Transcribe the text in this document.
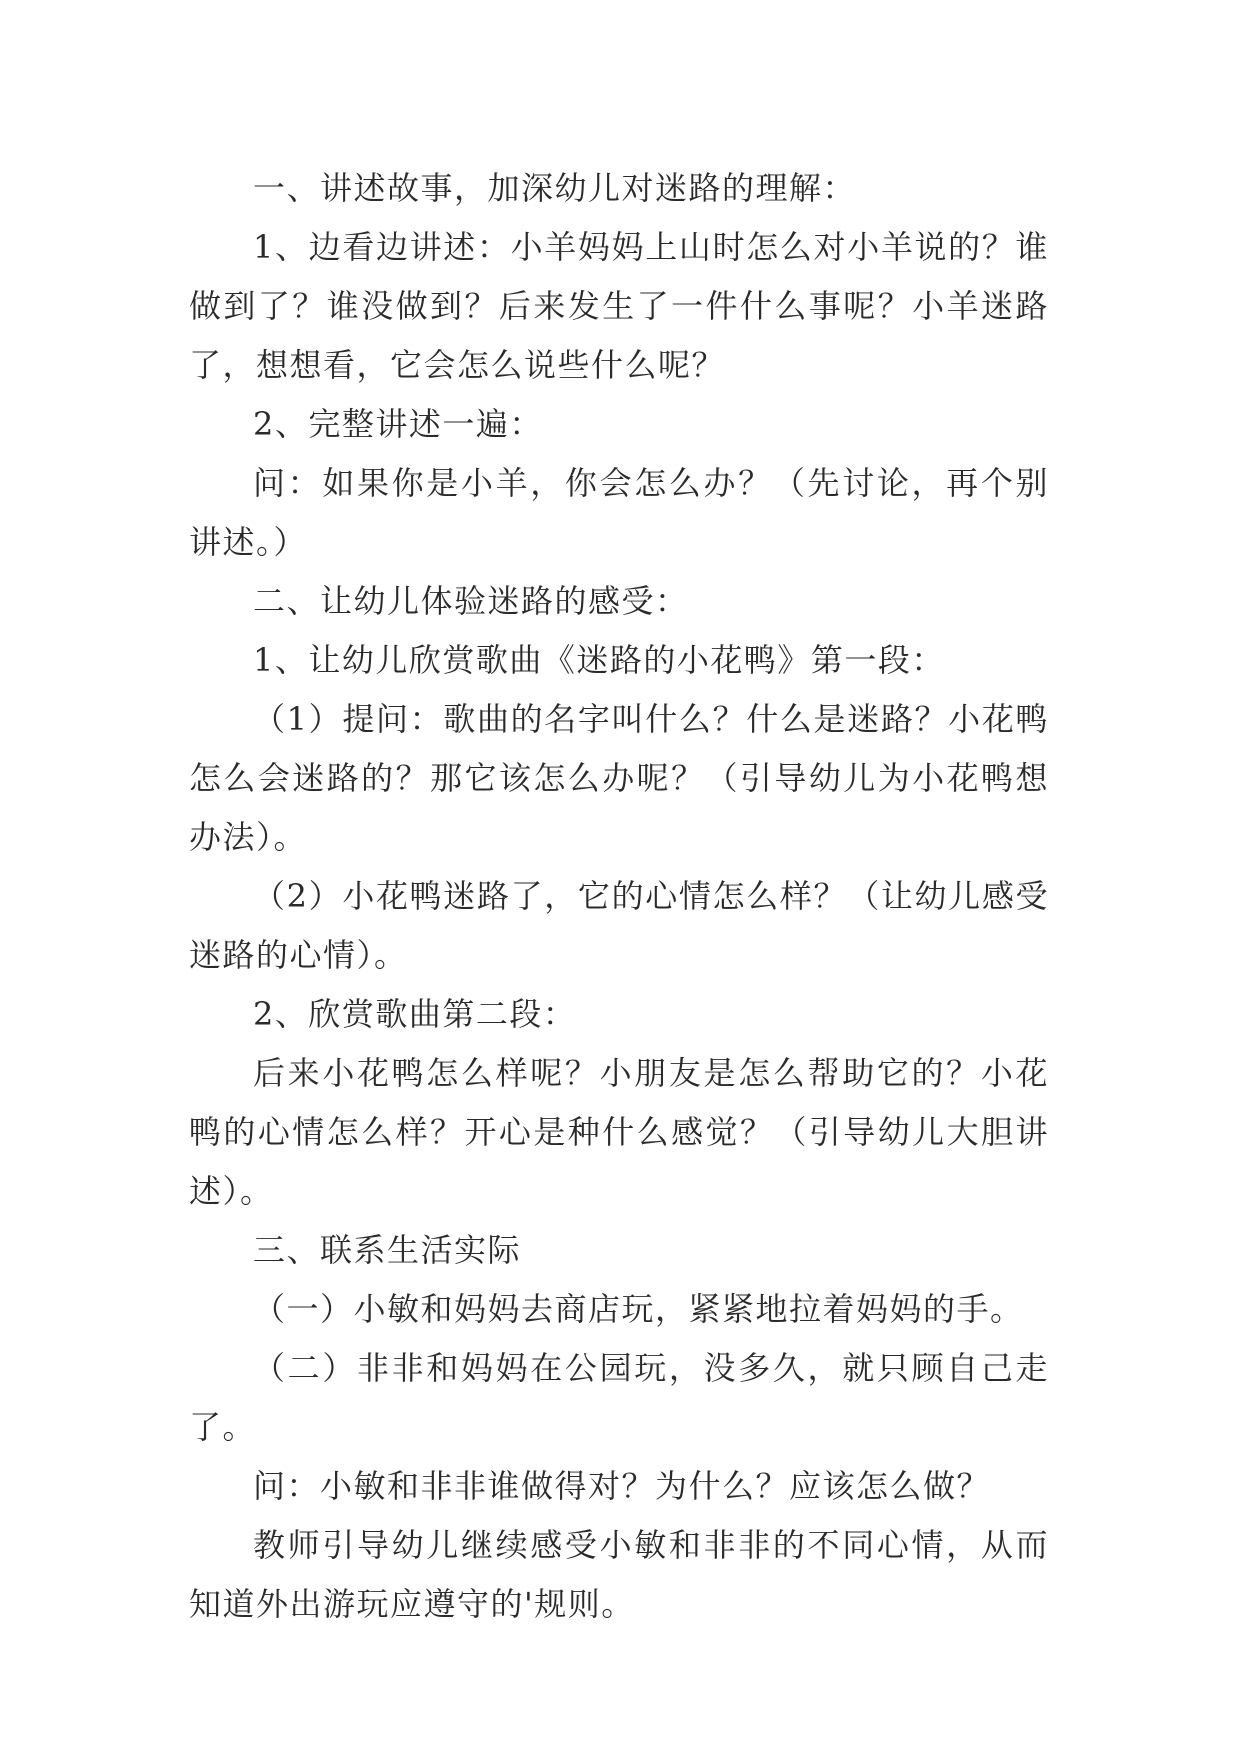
一、讲述故事，加深幼儿对迷路的理解：

1、边看边讲述：小羊妈妈上山时怎么对小羊说的？谁做到了？谁没做到？后来发生了一件什么事呢？小羊迷路了，想想看，它会怎么说些什么呢？

2、完整讲述一遍：

问：如果你是小羊，你会怎么办？（先讨论，再个别讲述。）

二、让幼儿体验迷路的感受：

1、让幼儿欣赏歌曲《迷路的小花鸭》第一段：

（1）提问：歌曲的名字叫什么？什么是迷路？小花鸭怎么会迷路的？那它该怎么办呢？（引导幼儿为小花鸭想办法）。

（2）小花鸭迷路了，它的心情怎么样？（让幼儿感受迷路的心情）。

2、欣赏歌曲第二段：

后来小花鸭怎么样呢？小朋友是怎么帮助它的？小花鸭的心情怎么样？开心是种什么感觉？（引导幼儿大胆讲述）。

三、联系生活实际

（一）小敏和妈妈去商店玩，紧紧地拉着妈妈的手。

（二）非非和妈妈在公园玩，没多久，就只顾自己走了。

问：小敏和非非谁做得对？为什么？应该怎么做？

教师引导幼儿继续感受小敏和非非的不同心情，从而知道外出游玩应遵守的'规则。
